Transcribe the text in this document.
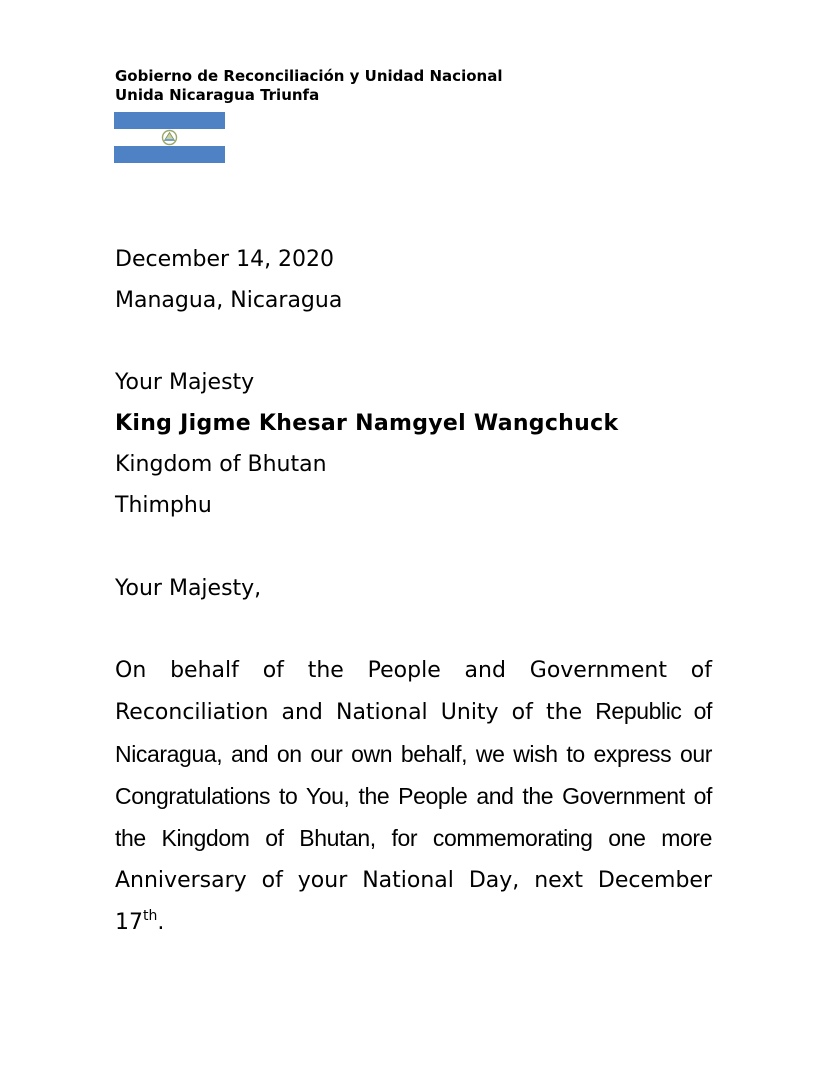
Gobierno de Reconciliación y Unidad Nacional
Unida Nicaragua Triunfa
December 14, 2020
Managua, Nicaragua
Your Majesty
King Jigme Khesar Namgyel Wangchuck
Kingdom of Bhutan
Thimphu
Your Majesty,
On behalf of the People and Government of Reconciliation and National Unity of the Republic of Nicaragua, and on our own behalf, we wish to express our Congratulations to You, the People and the Government of the Kingdom of Bhutan, for commemorating one more Anniversary of your National Day, next December 17th.
